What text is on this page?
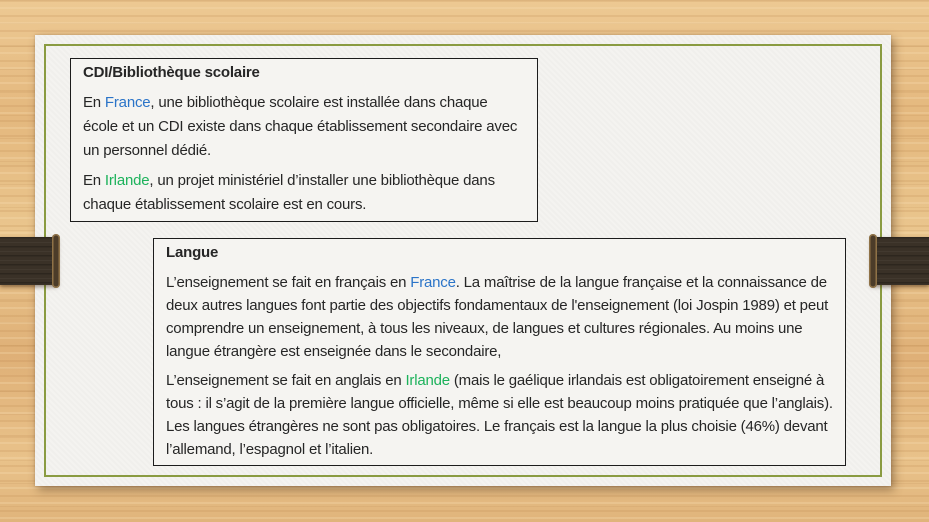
CDI/Bibliothèque scolaire

En France, une bibliothèque scolaire est installée dans chaque école et un CDI existe dans chaque établissement secondaire avec un personnel dédié.

En Irlande, un projet ministériel d’installer une bibliothèque dans chaque établissement scolaire est en cours.

Langue

L’enseignement se fait en français en France. La maîtrise de la langue française et la connaissance de deux autres langues font partie des objectifs fondamentaux de l'enseignement (loi Jospin 1989) et peut comprendre un enseignement, à tous les niveaux, de langues et cultures régionales. Au moins une langue étrangère est enseignée dans le secondaire,

L’enseignement se fait en anglais en Irlande (mais le gaélique irlandais est obligatoirement enseigné à tous : il s’agit de la première langue officielle, même si elle est beaucoup moins pratiquée que l’anglais). Les langues étrangères ne sont pas obligatoires. Le français est la langue la plus choisie (46%) devant l’allemand, l’espagnol et l’italien.
